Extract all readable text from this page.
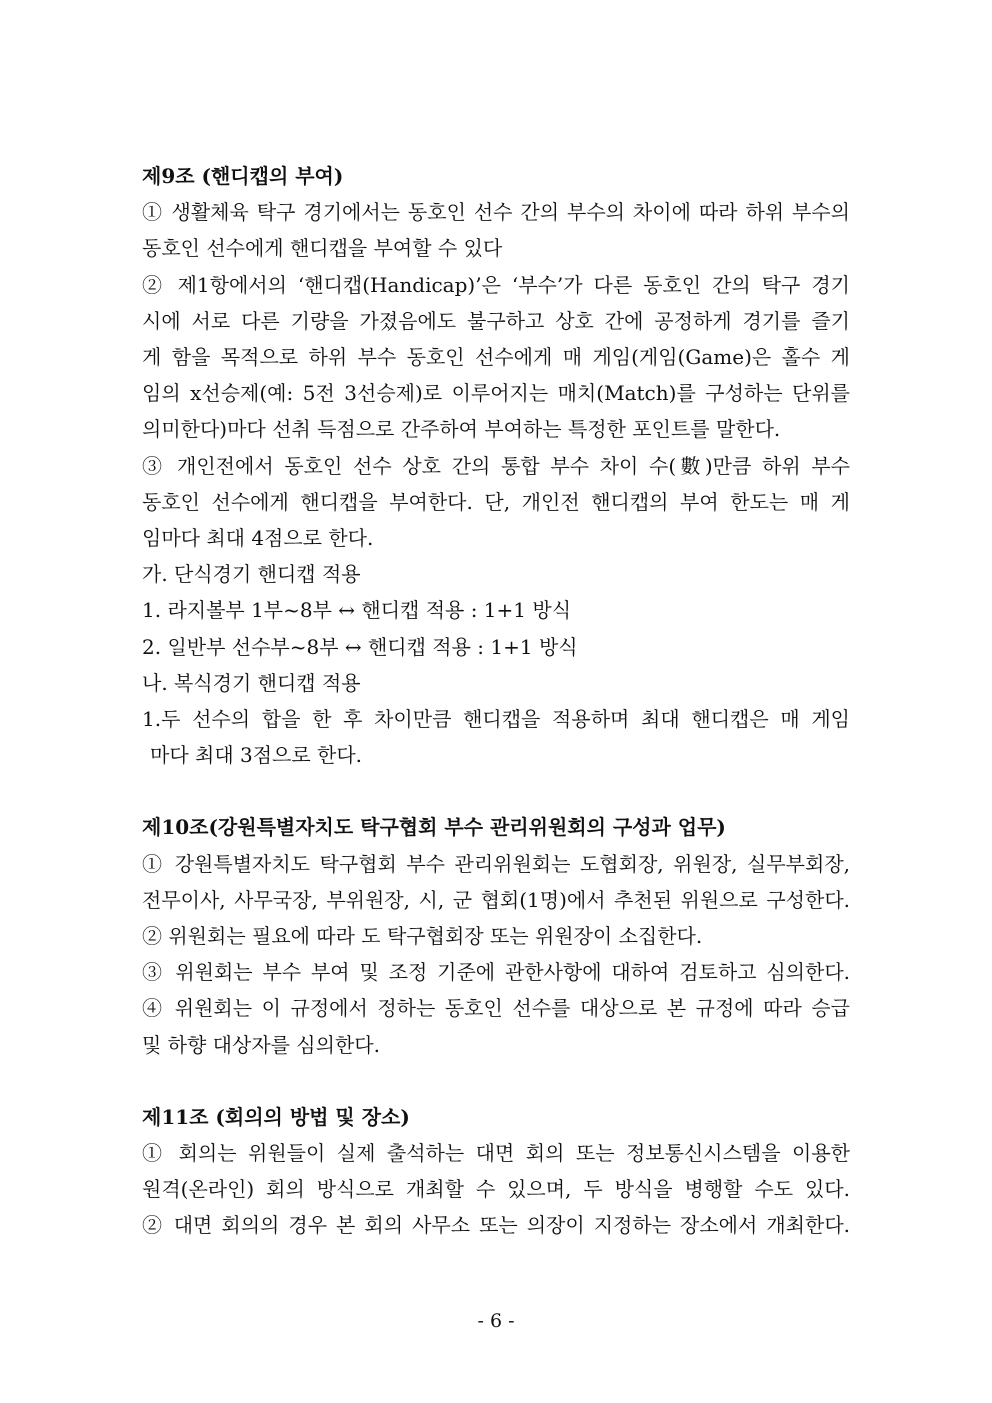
제9조 (핸디캡의 부여)
① 생활체육 탁구 경기에서는 동호인 선수 간의 부수의 차이에 따라 하위 부수의
동호인 선수에게 핸디캡을 부여할 수 있다
② 제1항에서의 ‘핸디캡(Handicap)’은 ‘부수’가 다른 동호인 간의 탁구 경기
시에 서로 다른 기량을 가졌음에도 불구하고 상호 간에 공정하게 경기를 즐기
게 함을 목적으로 하위 부수 동호인 선수에게 매 게임(게임(Game)은 홀수 게
임의 x선승제(예: 5전 3선승제)로 이루어지는 매치(Match)를 구성하는 단위를
의미한다)마다 선취 득점으로 간주하여 부여하는 특정한 포인트를 말한다.
③ 개인전에서 동호인 선수 상호 간의 통합 부수 차이 수(數)만큼 하위 부수
동호인 선수에게 핸디캡을 부여한다. 단, 개인전 핸디캡의 부여 한도는 매 게
임마다 최대 4점으로 한다.
가. 단식경기 핸디캡 적용
1. 라지볼부 1부~8부 ↔ 핸디캡 적용 : 1+1 방식
2. 일반부 선수부~8부 ↔ 핸디캡 적용 : 1+1 방식
나. 복식경기 핸디캡 적용
1.두 선수의 합을 한 후 차이만큼 핸디캡을 적용하며 최대 핸디캡은 매 게임
마다 최대 3점으로 한다.
제10조(강원특별자치도 탁구협회 부수 관리위원회의 구성과 업무)
① 강원특별자치도 탁구협회 부수 관리위원회는 도협회장, 위원장, 실무부회장,
전무이사, 사무국장, 부위원장, 시, 군 협회(1명)에서 추천된 위원으로 구성한다.
② 위원회는 필요에 따라 도 탁구협회장 또는 위원장이 소집한다.
③ 위원회는 부수 부여 및 조정 기준에 관한사항에 대하여 검토하고 심의한다.
④ 위원회는 이 규정에서 정하는 동호인 선수를 대상으로 본 규정에 따라 승급
및 하향 대상자를 심의한다.
제11조 (회의의 방법 및 장소)
① 회의는 위원들이 실제 출석하는 대면 회의 또는 정보통신시스템을 이용한
원격(온라인) 회의 방식으로 개최할 수 있으며, 두 방식을 병행할 수도 있다.
② 대면 회의의 경우 본 회의 사무소 또는 의장이 지정하는 장소에서 개최한다.
- 6 -
